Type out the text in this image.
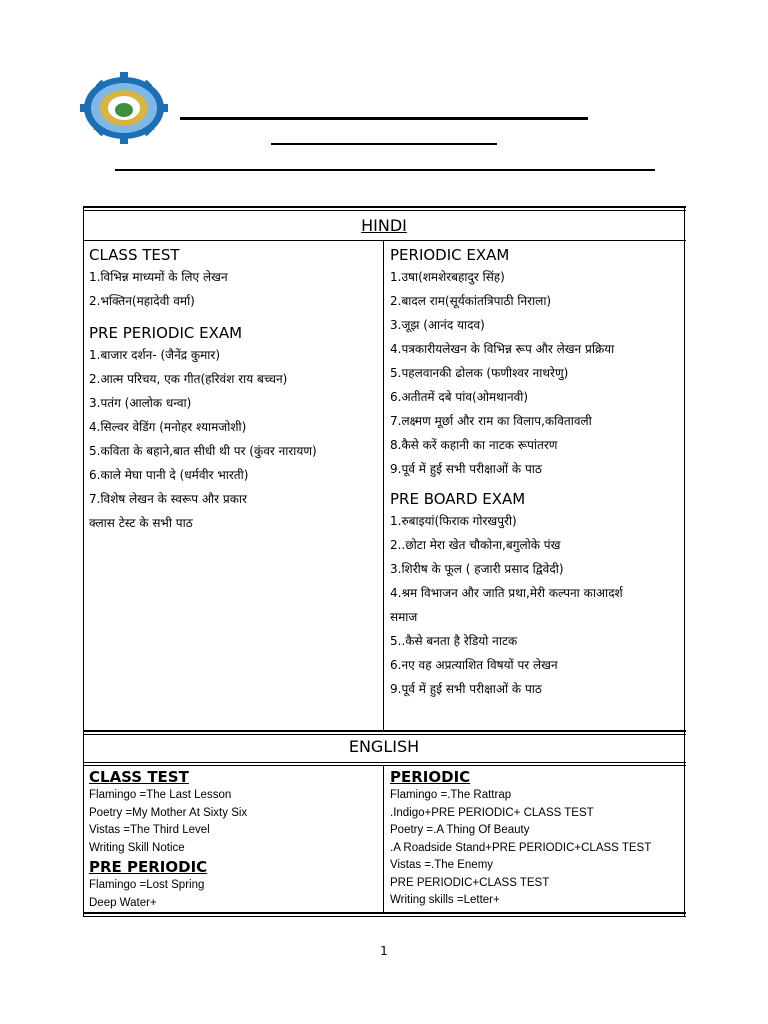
HINDI
CLASS TEST
1.विभिन्न माध्यमों के लिए लेखन
2.भक्तिन(महादेवी वर्मा)
PRE PERIODIC EXAM
1.बाजार दर्शन- (जैनेंद्र कुमार)
2.आत्म परिचय, एक गीत(हरिवंश राय बच्चन)
3.पतंग (आलोक धन्वा)
4.सिल्वर वेडिंग (मनोहर श्यामजोशी)
5.कविता के बहाने,बात सीधी थी पर (कुंवर नारायण)
6.काले मेघा पानी दे (धर्मवीर भारती)
7.विशेष लेखन के स्वरूप और प्रकार
क्लास टेस्ट के सभी पाठ
PERIODIC EXAM
1.उषा(शमशेरबहादुर सिंह)
2.बादल राम(सूर्यकांतत्रिपाठी निराला)
3.जूझ (आनंद यादव)
4.पत्रकारीयलेखन के विभिन्न रूप और लेखन प्रक्रिया
5.पहलवानकी ढोलक (फणीश्वर नाथरेणु)
6.अतीतमें दबे पांव(ओमथानवी)
7.लक्ष्मण मूर्छा और राम का विलाप,कवितावली
8.कैसे करें कहानी का नाटक रूपांतरण
9.पूर्व में हुई सभी परीक्षाओं के पाठ
PRE BOARD EXAM
1.रुबाइयां(फिराक गोरखपुरी)
2..छोटा मेरा खेत चौकोना,बगुलोके पंख
3.शिरीष के फूल ( हजारी प्रसाद द्विवेदी)
4.श्रम विभाजन और जाति प्रथा,मेरी कल्पना काआदर्श
समाज
5..कैसे बनता है रेडियो नाटक
6.नए वह अप्रत्याशित विषयों पर लेखन
9.पूर्व में हुई सभी परीक्षाओं के पाठ
ENGLISH
CLASS TEST
Flamingo =The Last Lesson
Poetry =My Mother At Sixty Six
Vistas =The Third Level
Writing Skill Notice
PRE PERIODIC
Flamingo =Lost Spring
Deep Water+
PERIODIC
Flamingo =.The Rattrap
.Indigo+PRE PERIODIC+ CLASS TEST
Poetry =.A Thing Of Beauty
.A Roadside Stand+PRE PERIODIC+CLASS TEST
Vistas =.The Enemy
PRE PERIODIC+CLASS TEST
Writing skills =Letter+
1
